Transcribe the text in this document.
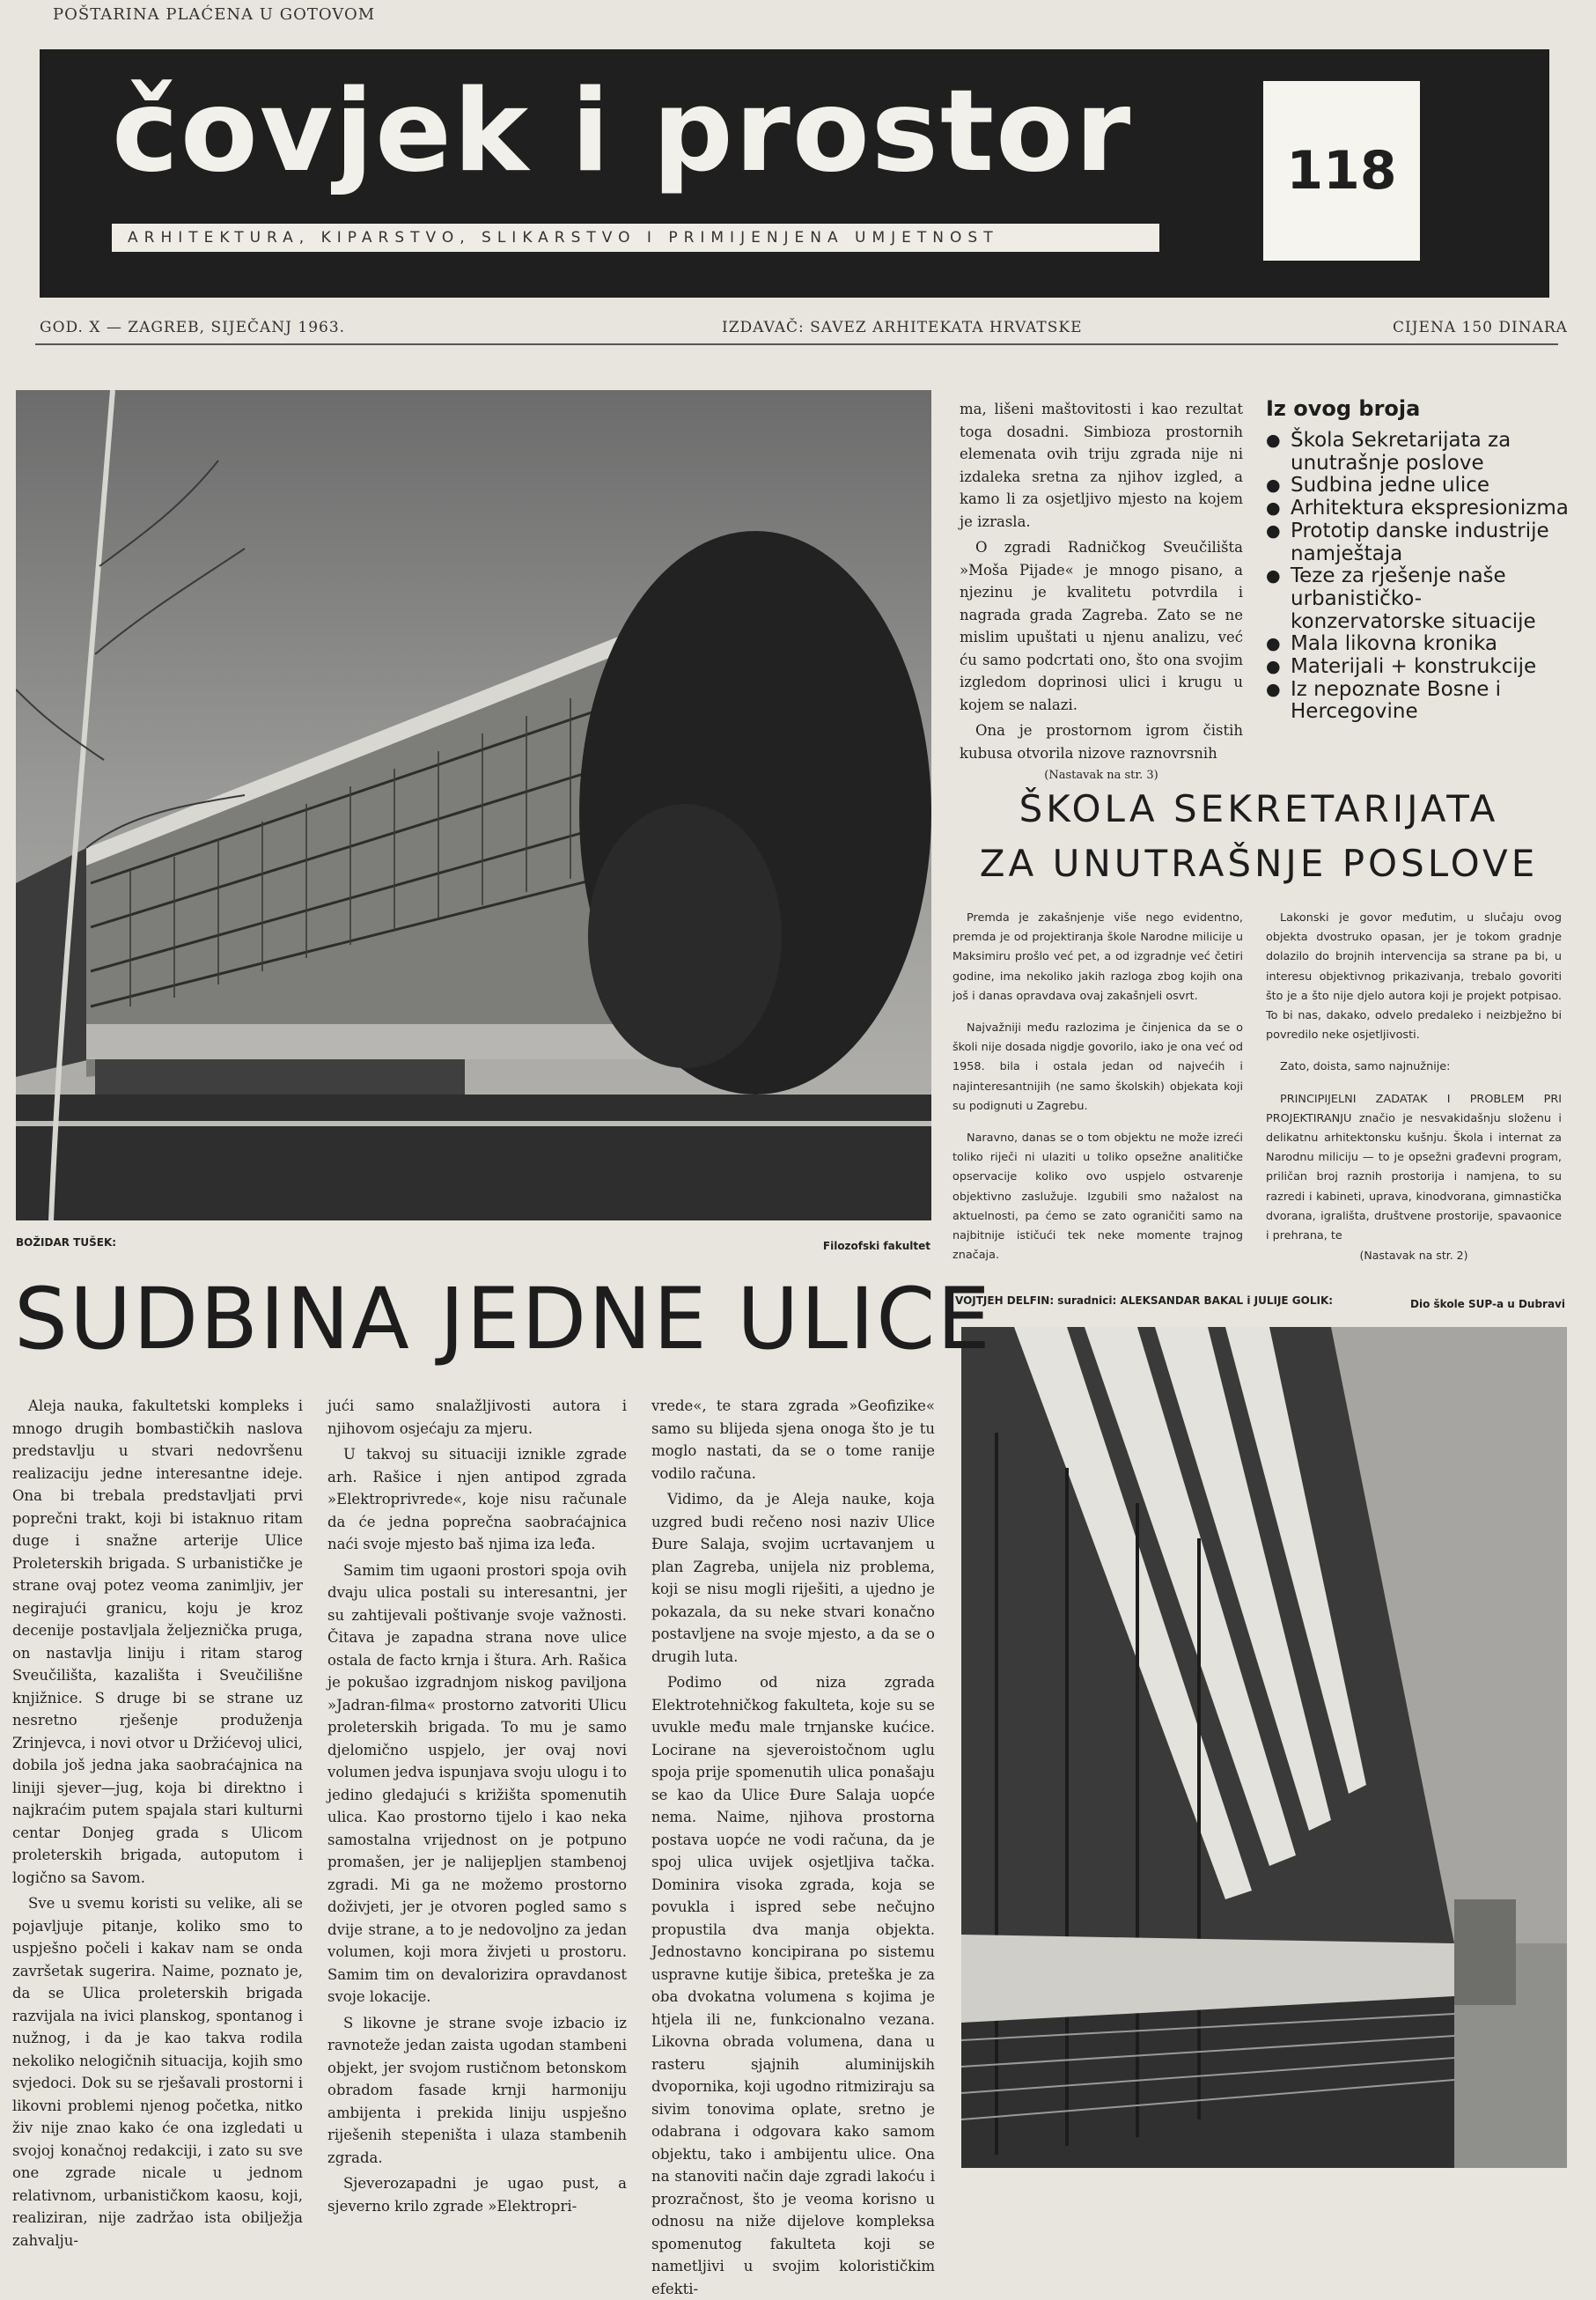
POŠTARINA PLAĆENA U GOTOVOM
čovjek i prostor
ARHITEKTURA, KIPARSTVO, SLIKARSTVO I PRIMIJENJENA UMJETNOST
118
GOD. X — ZAGREB, SIJEČANJ 1963.	IZDAVAČ: SAVEZ ARHITEKATA HRVATSKE	CIJENA 150 DINARA
BOŽIDAR TUŠEK:	Filozofski fakultet

ma, lišeni maštovitosti i kao rezultat toga dosadni. Simbioza prostornih elemenata ovih triju zgrada nije ni izdaleka sretna za njihov izgled, a kamo li za osjetljivo mjesto na kojem je izrasla.

O zgradi Radničkog Sveučilišta »Moša Pijade« je mnogo pisano, a njezinu je kvalitetu potvrdila i nagrada grada Zagreba. Zato se ne mislim upuštati u njenu analizu, već ću samo podcrtati ono, što ona svojim izgledom doprinosi ulici i krugu u kojem se nalazi.

Ona je prostornom igrom čistih kubusa otvorila nizove raznovrsnih

(Nastavak na str. 3)
Iz ovog broja
● Škola Sekretarijata za unutrašnje poslove
● Sudbina jedne ulice
● Arhitektura ekspresionizma
● Prototip danske industrije namještaja
● Teze za rješenje naše urbanističko-konzervatorske situacije
● Mala likovna kronika
● Materijali + konstrukcije
● Iz nepoznate Bosne i Hercegovine
ŠKOLA SEKRETARIJATA
ZA UNUTRAŠNJE POSLOVE

Premda je zakašnjenje više nego evidentno, premda je od projektiranja škole Narodne milicije u Maksimiru prošlo već pet, a od izgradnje već četiri godine, ima nekoliko jakih razloga zbog kojih ona još i danas opravdava ovaj zakašnjeli osvrt.

Najvažniji među razlozima je činjenica da se o školi nije dosada nigdje govorilo, iako je ona već od 1958. bila i ostala jedan od najvećih i najinteresantnijih (ne samo školskih) objekata koji su podignuti u Zagrebu.

Naravno, danas se o tom objektu ne može izreći toliko riječi ni ulaziti u toliko opsežne analitičke opservacije koliko ovo uspjelo ostvarenje objektivno zaslužuje. Izgubili smo nažalost na aktuelnosti, pa ćemo se zato ograničiti samo na najbitnije ističući tek neke momente trajnog značaja.

Lakonski je govor međutim, u slučaju ovog objekta dvostruko opasan, jer je tokom gradnje dolazilo do brojnih intervencija sa strane pa bi, u interesu objektivnog prikazivanja, trebalo govoriti što je a što nije djelo autora koji je projekt potpisao. To bi nas, dakako, odvelo predaleko i neizbježno bi povredilo neke osjetljivosti.

Zato, doista, samo najnužnije:

PRINCIPIJELNI ZADATAK I PROBLEM PRI PROJEKTIRANJU značio je nesvakidašnju složenu i delikatnu arhitektonsku kušnju. Škola i internat za Narodnu miliciju — to je opsežni građevni program, priličan broj raznih prostorija i namjena, to su razredi i kabineti, uprava, kinodvorana, gimnastička dvorana, igrališta, društvene prostorije, spavaonice i prehrana, te

(Nastavak na str. 2)
VOJTJEH DELFIN: suradnici: ALEKSANDAR BAKAL i JULIJE GOLIK:	Dio škole SUP-a u Dubravi
SUDBINA JEDNE ULICE

Aleja nauka, fakultetski kompleks i mnogo drugih bombastičkih naslova predstavlju u stvari nedovršenu realizaciju jedne interesantne ideje. Ona bi trebala predstavljati prvi poprečni trakt, koji bi istaknuo ritam duge i snažne arterije Ulice Proleterskih brigada. S urbanističke je strane ovaj potez veoma zanimljiv, jer negirajući granicu, koju je kroz decenije postavljala željeznička pruga, on nastavlja liniju i ritam starog Sveučilišta, kazališta i Sveučilišne knjižnice. S druge bi se strane uz nesretno rješenje produženja Zrinjevca, i novi otvor u Držićevoj ulici, dobila još jedna jaka saobraćajnica na liniji sjever—jug, koja bi direktno i najkraćim putem spajala stari kulturni centar Donjeg grada s Ulicom proleterskih brigada, autoputom i logično sa Savom.

Sve u svemu koristi su velike, ali se pojavljuje pitanje, koliko smo to uspješno počeli i kakav nam se onda završetak sugerira. Naime, poznato je, da se Ulica proleterskih brigada razvijala na ivici planskog, spontanog i nužnog, i da je kao takva rodila nekoliko nelogičnih situacija, kojih smo svjedoci. Dok su se rješavali prostorni i likovni problemi njenog početka, nitko živ nije znao kako će ona izgledati u svojoj konačnoj redakciji, i zato su sve one zgrade nicale u jednom relativnom, urbanističkom kaosu, koji, realiziran, nije zadržao ista obilježja zahvalju-

jući samo snalažljivosti autora i njihovom osjećaju za mjeru.

U takvoj su situaciji iznikle zgrade arh. Rašice i njen antipod zgrada »Elektroprivrede«, koje nisu računale da će jedna poprečna saobraćajnica naći svoje mjesto baš njima iza leđa.

Samim tim ugaoni prostori spoja ovih dvaju ulica postali su interesantni, jer su zahtijevali poštivanje svoje važnosti. Čitava je zapadna strana nove ulice ostala de facto krnja i štura. Arh. Rašica je pokušao izgradnjom niskog paviljona »Jadran-filma« prostorno zatvoriti Ulicu proleterskih brigada. To mu je samo djelomično uspjelo, jer ovaj novi volumen jedva ispunjava svoju ulogu i to jedino gledajući s križišta spomenutih ulica. Kao prostorno tijelo i kao neka samostalna vrijednost on je potpuno promašen, jer je nalijepljen stambenoj zgradi. Mi ga ne možemo prostorno doživjeti, jer je otvoren pogled samo s dvije strane, a to je nedovoljno za jedan volumen, koji mora živjeti u prostoru. Samim tim on devalorizira opravdanost svoje lokacije.

S likovne je strane svoje izbacio iz ravnoteže jedan zaista ugodan stambeni objekt, jer svojom rustičnom betonskom obradom fasade krnji harmoniju ambijenta i prekida liniju uspješno riješenih stepeništa i ulaza stambenih zgrada.

Sjeverozapadni je ugao pust, a sjeverno krilo zgrade »Elektropri-

vrede«, te stara zgrada »Geofizike« samo su blijeda sjena onoga što je tu moglo nastati, da se o tome ranije vodilo računa.

Vidimo, da je Aleja nauke, koja uzgred budi rečeno nosi naziv Ulice Đure Salaja, svojim ucrtavanjem u plan Zagreba, unijela niz problema, koji se nisu mogli riješiti, a ujedno je pokazala, da su neke stvari konačno postavljene na svoje mjesto, a da se o drugih luta.

Podimo od niza zgrada Elektrotehničkog fakulteta, koje su se uvukle među male trnjanske kućice. Locirane na sjeveroistočnom uglu spoja prije spomenutih ulica ponašaju se kao da Ulice Đure Salaja uopće nema. Naime, njihova prostorna postava uopće ne vodi računa, da je spoj ulica uvijek osjetljiva tačka. Dominira visoka zgrada, koja se povukla i ispred sebe nečujno propustila dva manja objekta. Jednostavno koncipirana po sistemu uspravne kutije šibica, preteška je za oba dvokatna volumena s kojima je htjela ili ne, funkcionalno vezana. Likovna obrada volumena, dana u rasteru sjajnih aluminijskih dvopornika, koji ugodno ritmiziraju sa sivim tonovima oplate, sretno je odabrana i odgovara kako samom objektu, tako i ambijentu ulice. Ona na stanoviti način daje zgradi lakoću i prozračnost, što je veoma korisno u odnosu na niže dijelove kompleksa spomenutog fakulteta koji se nametljivi u svojim kolorističkim efekti-
